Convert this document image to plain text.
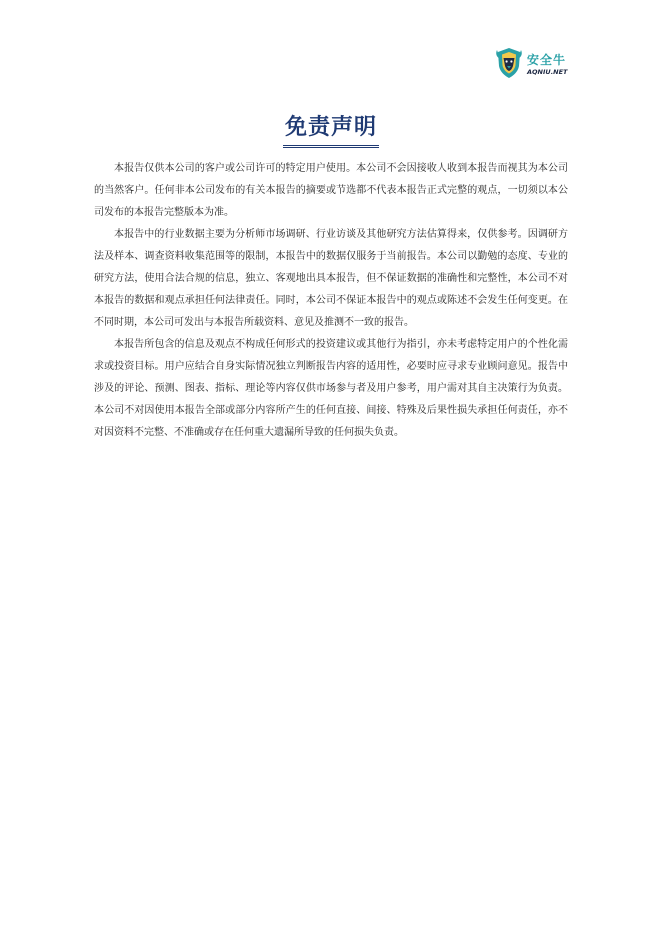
安全牛
AQNIU.NET
免责声明

本报告仅供本公司的客户或公司许可的特定用户使用。本公司不会因接收人收到本报告而视其为本公司的当然客户。任何非本公司发布的有关本报告的摘要或节选都不代表本报告正式完整的观点，一切须以本公司发布的本报告完整版本为准。

本报告中的行业数据主要为分析师市场调研、行业访谈及其他研究方法估算得来，仅供参考。因调研方法及样本、调查资料收集范围等的限制，本报告中的数据仅服务于当前报告。本公司以勤勉的态度、专业的研究方法，使用合法合规的信息，独立、客观地出具本报告，但不保证数据的准确性和完整性，本公司不对本报告的数据和观点承担任何法律责任。同时，本公司不保证本报告中的观点或陈述不会发生任何变更。在不同时期，本公司可发出与本报告所载资料、意见及推测不一致的报告。

本报告所包含的信息及观点不构成任何形式的投资建议或其他行为指引，亦未考虑特定用户的个性化需求或投资目标。用户应结合自身实际情况独立判断报告内容的适用性，必要时应寻求专业顾问意见。报告中涉及的评论、预测、图表、指标、理论等内容仅供市场参与者及用户参考，用户需对其自主决策行为负责。本公司不对因使用本报告全部或部分内容所产生的任何直接、间接、特殊及后果性损失承担任何责任，亦不对因资料不完整、不准确或存在任何重大遗漏所导致的任何损失负责。
